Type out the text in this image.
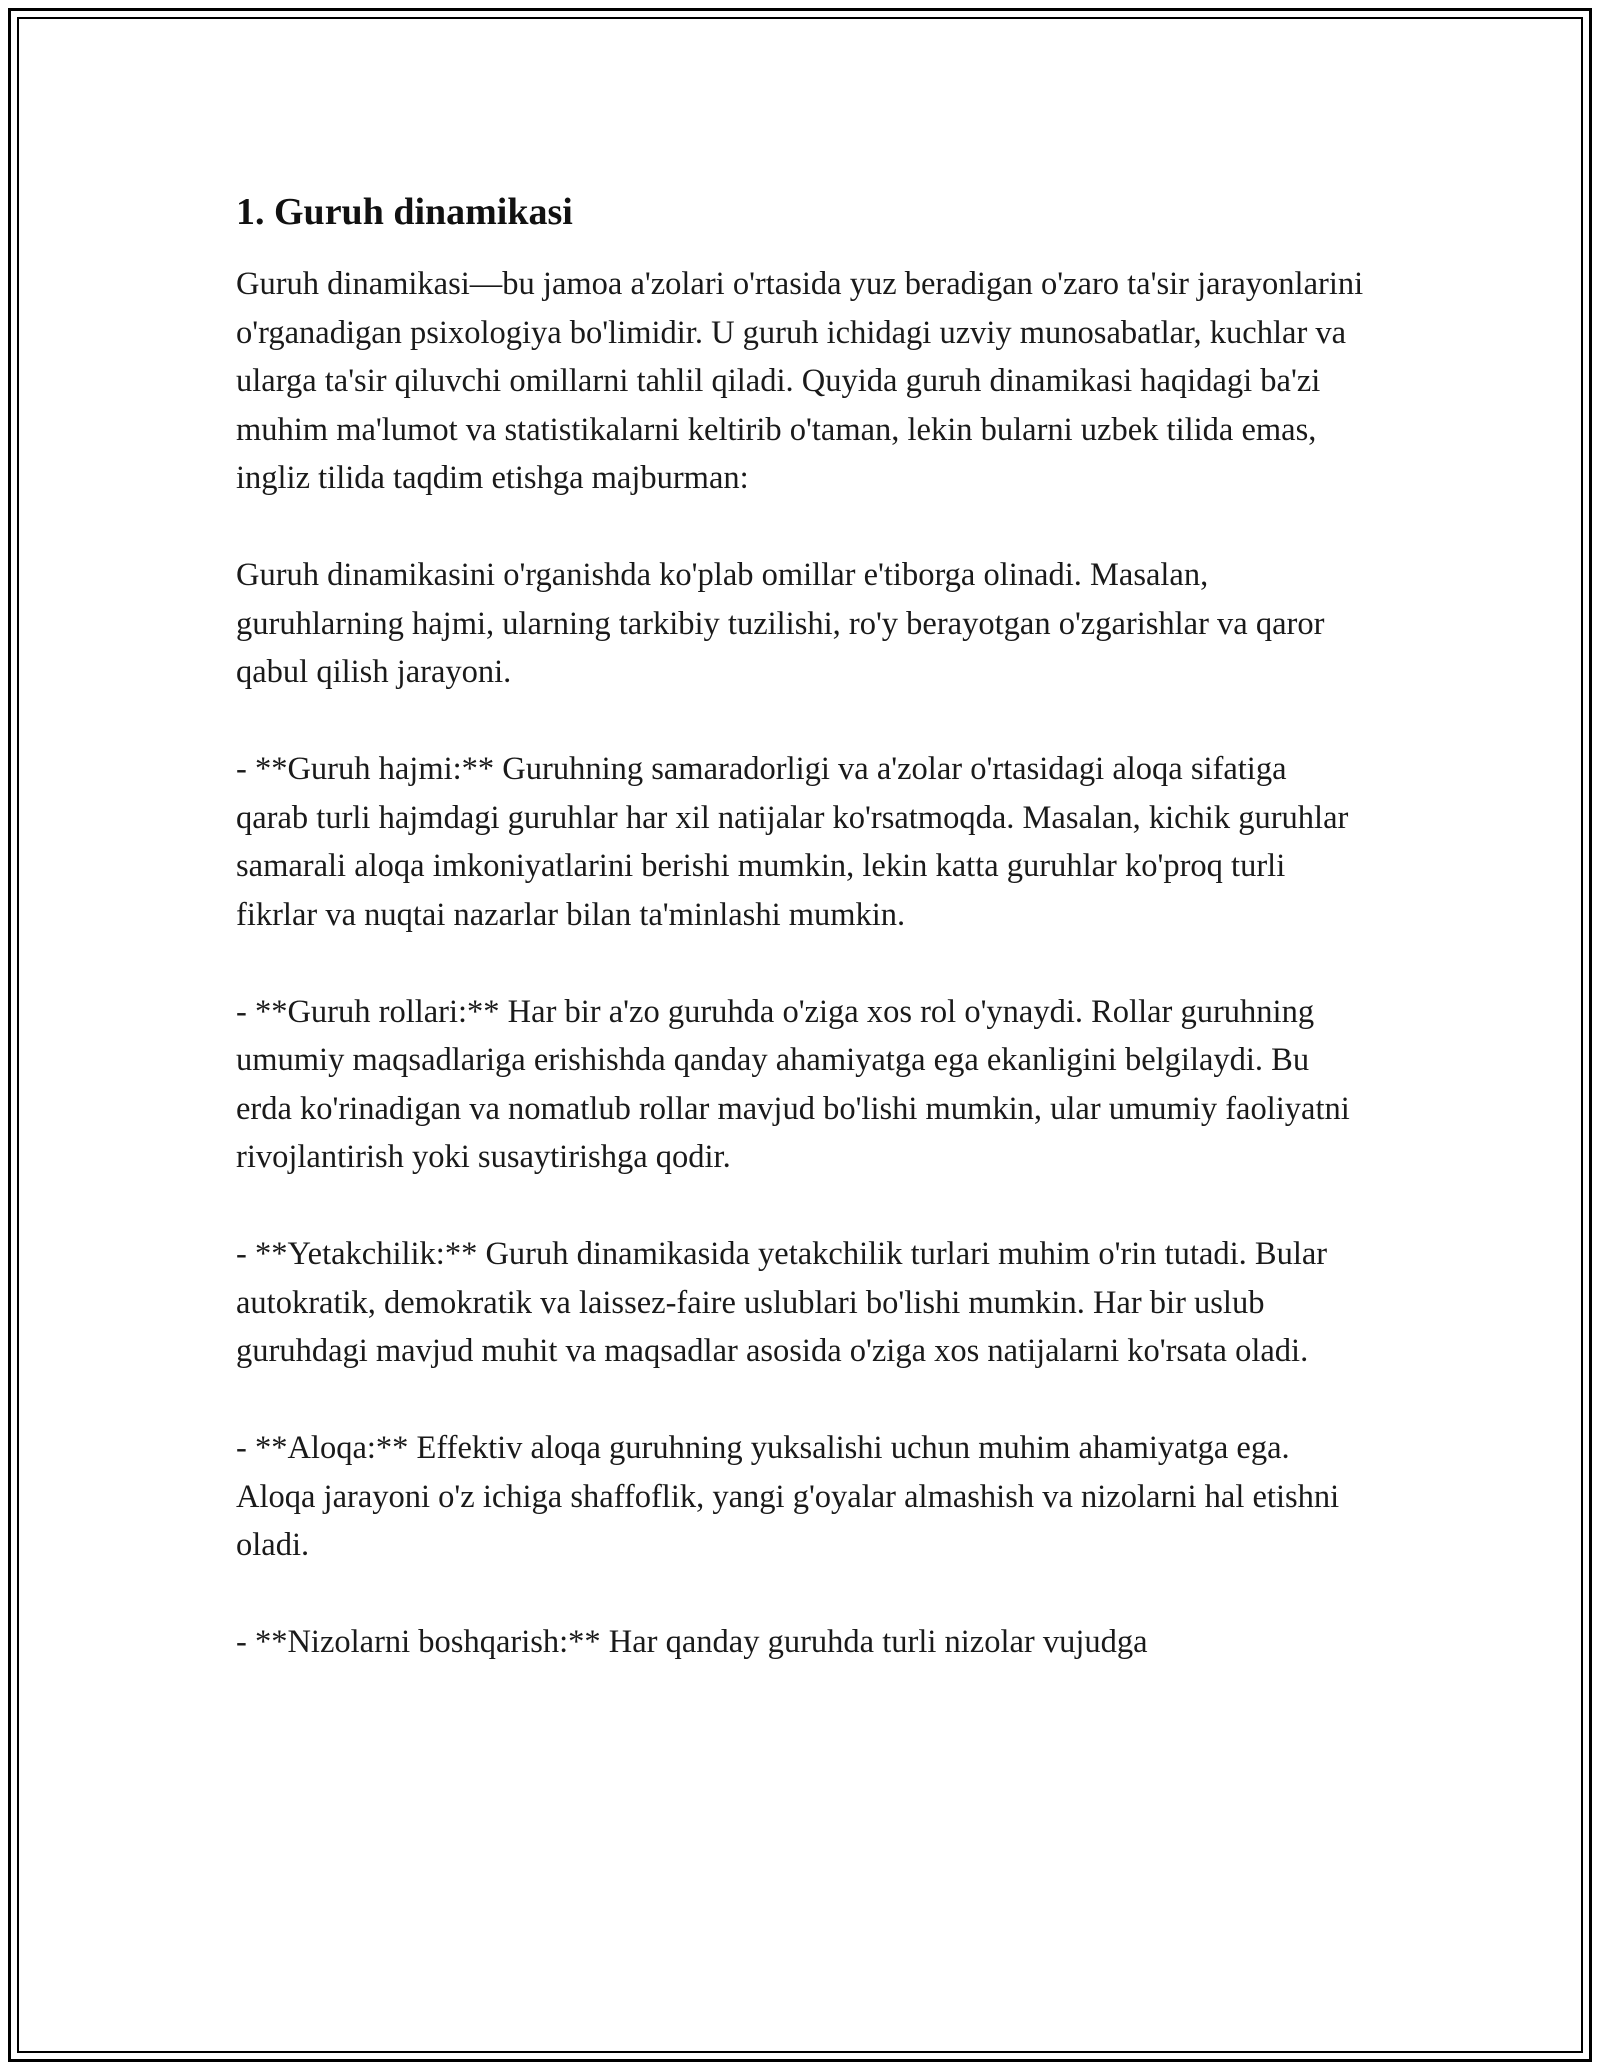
1. Guruh dinamikasi

Guruh dinamikasi—bu jamoa a'zolari o'rtasida yuz beradigan o'zaro ta'sir jarayonlarini o'rganadigan psixologiya bo'limidir. U guruh ichidagi uzviy munosabatlar, kuchlar va ularga ta'sir qiluvchi omillarni tahlil qiladi. Quyida guruh dinamikasi haqidagi ba'zi muhim ma'lumot va statistikalarni keltirib o'taman, lekin bularni uzbek tilida emas, ingliz tilida taqdim etishga majburman:

Guruh dinamikasini o'rganishda ko'plab omillar e'tiborga olinadi. Masalan, guruhlarning hajmi, ularning tarkibiy tuzilishi, ro'y berayotgan o'zgarishlar va qaror qabul qilish jarayoni.

- **Guruh hajmi:** Guruhning samaradorligi va a'zolar o'rtasidagi aloqa sifatiga qarab turli hajmdagi guruhlar har xil natijalar ko'rsatmoqda. Masalan, kichik guruhlar samarali aloqa imkoniyatlarini berishi mumkin, lekin katta guruhlar ko'proq turli fikrlar va nuqtai nazarlar bilan ta'minlashi mumkin.

- **Guruh rollari:** Har bir a'zo guruhda o'ziga xos rol o'ynaydi. Rollar guruhning umumiy maqsadlariga erishishda qanday ahamiyatga ega ekanligini belgilaydi. Bu erda ko'rinadigan va nomatlub rollar mavjud bo'lishi mumkin, ular umumiy faoliyatni rivojlantirish yoki susaytirishga qodir.

- **Yetakchilik:** Guruh dinamikasida yetakchilik turlari muhim o'rin tutadi. Bular autokratik, demokratik va laissez-faire uslublari bo'lishi mumkin. Har bir uslub guruhdagi mavjud muhit va maqsadlar asosida o'ziga xos natijalarni ko'rsata oladi.

- **Aloqa:** Effektiv aloqa guruhning yuksalishi uchun muhim ahamiyatga ega. Aloqa jarayoni o'z ichiga shaffoflik, yangi g'oyalar almashish va nizolarni hal etishni oladi.

- **Nizolarni boshqarish:** Har qanday guruhda turli nizolar vujudga
